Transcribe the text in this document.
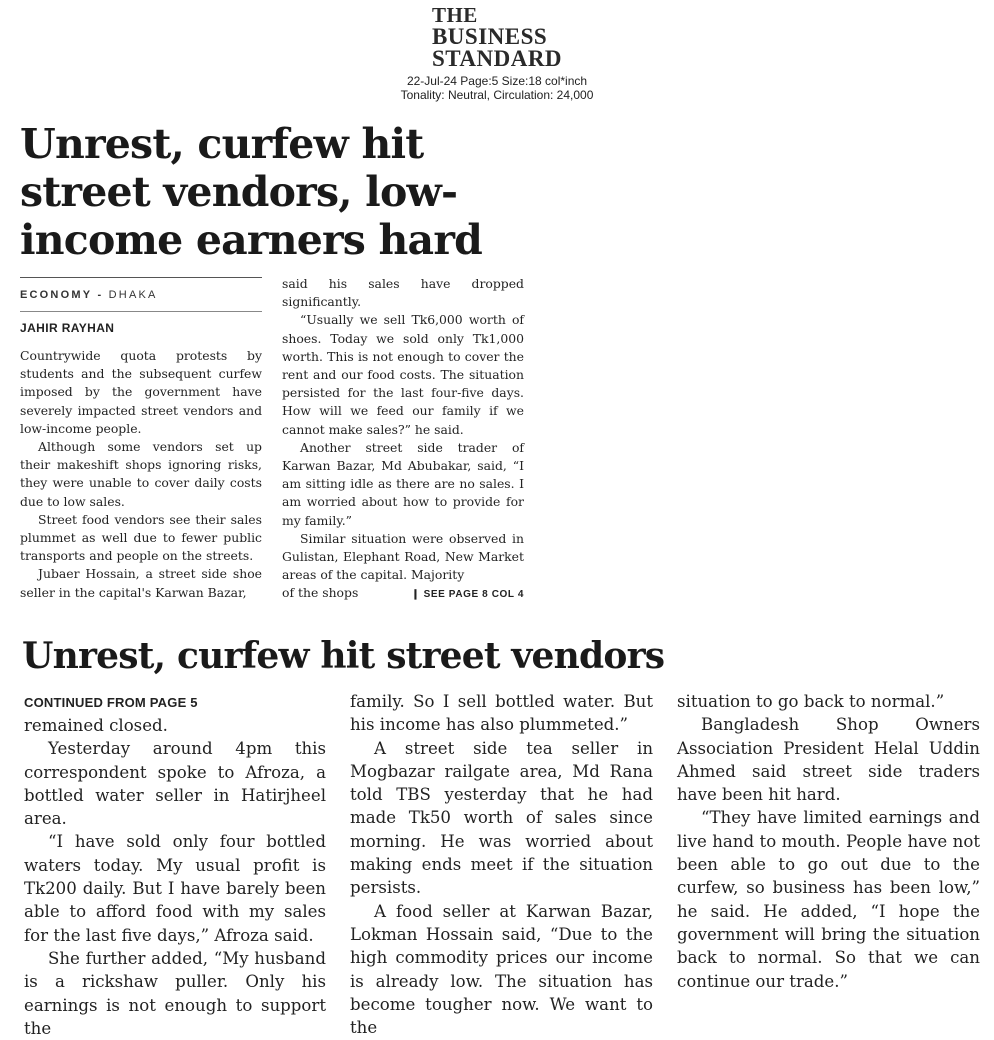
THE
BUSINESS
STANDARD
22-Jul-24 Page:5 Size:18 col*inch
Tonality: Neutral, Circulation: 24,000
Unrest, curfew hit street vendors, low-income earners hard
ECONOMY - DHAKA
JAHIR RAYHAN

Countrywide quota protests by students and the subsequent curfew imposed by the government have severely impacted street vendors and low-income people.

Although some vendors set up their makeshift shops ignoring risks, they were unable to cover daily costs due to low sales.

Street food vendors see their sales plummet as well due to fewer public transports and people on the streets.

Jubaer Hossain, a street side shoe seller in the capital's Karwan Bazar,

said his sales have dropped significantly.

“Usually we sell Tk6,000 worth of shoes. Today we sold only Tk1,000 worth. This is not enough to cover the rent and our food costs. The situation persisted for the last four-five days. How will we feed our family if we cannot make sales?” he said.

Another street side trader of Karwan Bazar, Md Abubakar, said, “I am sitting idle as there are no sales. I am worried about how to provide for my family.”

Similar situation were observed in Gulistan, Elephant Road, New Market areas of the capital. Majority

of the shops	❙ SEE PAGE 8 COL 4
Unrest, curfew hit street vendors
CONTINUED FROM PAGE 5

remained closed.

Yesterday around 4pm this correspondent spoke to Afroza, a bottled water seller in Hatirjheel area.

“I have sold only four bottled waters today. My usual profit is Tk200 daily. But I have barely been able to afford food with my sales for the last five days,” Afroza said.

She further added, “My husband is a rickshaw puller. Only his earnings is not enough to support the

family. So I sell bottled water. But his income has also plummeted.”

A street side tea seller in Mogbazar railgate area, Md Rana told TBS yesterday that he had made Tk50 worth of sales since morning. He was worried about making ends meet if the situation persists.

A food seller at Karwan Bazar, Lokman Hossain said, “Due to the high commodity prices our income is already low. The situation has become tougher now. We want to the

situation to go back to normal.”

Bangladesh Shop Owners Association President Helal Uddin Ahmed said street side traders have been hit hard.

“They have limited earnings and live hand to mouth. People have not been able to go out due to the curfew, so business has been low,” he said. He added, “I hope the government will bring the situation back to normal. So that we can continue our trade.”
